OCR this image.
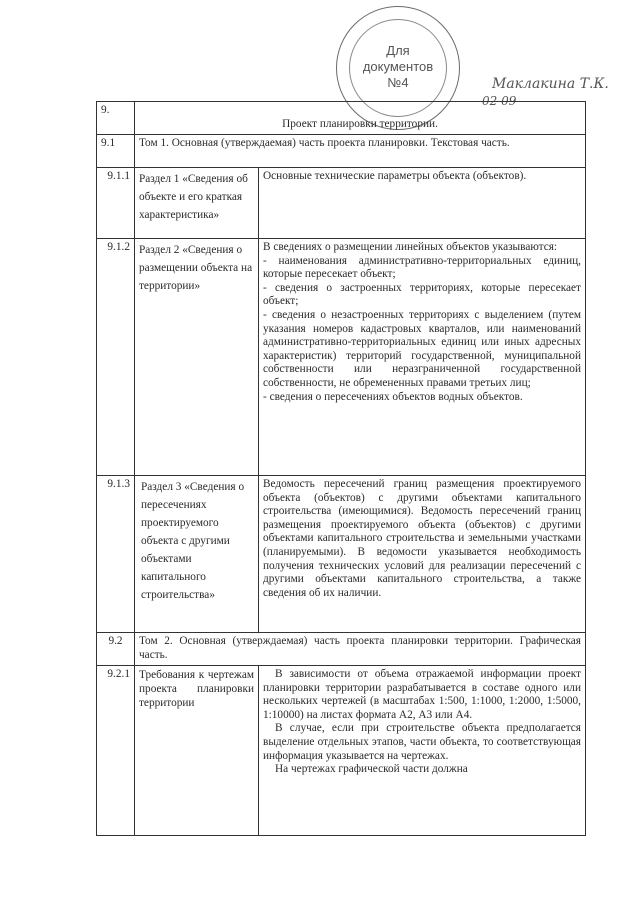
Для
документов
№4	Маклакина Т.К.
02 09
9.	Проект планировки территории.	
9.1	Том 1. Основная (утверждаемая) часть проекта планировки. Текстовая часть.	
9.1.1	Раздел 1 «Сведения об объекте и его краткая характеристика»	Основные технические параметры объекта (объектов).
9.1.2	Раздел 2 «Сведения о размещении объекта на территории»	В сведениях о размещении линейных объектов указываются:
- наименования административно-территориальных единиц, которые пересекает объект;
- сведения о застроенных территориях, которые пересекает объект;
- сведения о незастроенных территориях с выделением (путем указания номеров кадастровых кварталов, или наименований административно-территориальных единиц или иных адресных характеристик) территорий государственной, муниципальной собственности или неразграниченной государственной собственности, не обремененных правами третьих лиц;
- сведения о пересечениях объектов водных объектов.

9.1.3	Раздел 3 «Сведения о пересечениях проектируемого объекта с другими объектами капитального строительства»	Ведомость пересечений границ размещения проектируемого объекта (объектов) с другими объектами капитального строительства (имеющимися). Ведомость пересечений границ размещения проектируемого объекта (объектов) с другими объектами капитального строительства и земельными участками (планируемыми). В ведомости указывается необходимость получения технических условий для реализации пересечений с другими объектами капитального строительства, а также сведения об их наличии.
9.2	Том 2. Основная (утверждаемая) часть проекта планировки территории. Графическая часть.	
9.2.1	Требования к чертежам проекта планировки территории	В зависимости от объема отражаемой информации проект планировки территории разрабатывается в составе одного или нескольких чертежей (в масштабах 1:500, 1:1000, 1:2000, 1:5000, 1:10000) на листах формата А2, А3 или А4.
В случае, если при строительстве объекта предполагается выделение отдельных этапов, части объекта, то соответствующая информация указывается на чертежах.
На чертежах графической части должна
